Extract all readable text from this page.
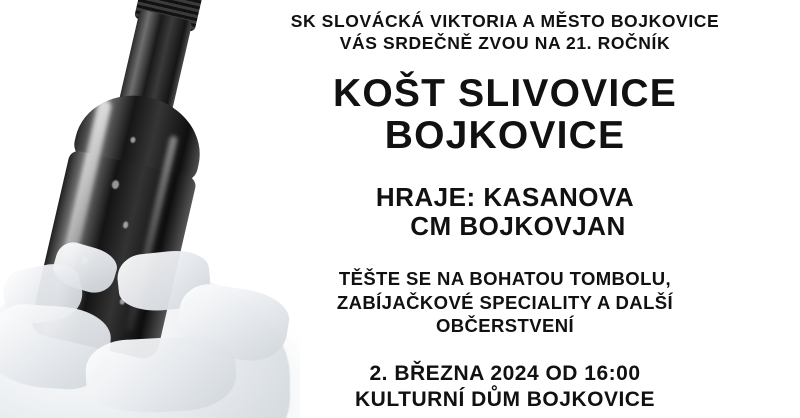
SK SLOVÁCKÁ VIKTORIA A MĚSTO BOJKOVICE
VÁS SRDEČNĚ ZVOU NA 21. ROČNÍK
KOŠT SLIVOVICE
BOJKOVICE
HRAJE: KASANOVA
CM BOJKOVJAN
TĚŠTE SE NA BOHATOU TOMBOLU,
ZABÍJAČKOVÉ SPECIALITY A DALŠÍ
OBČERSTVENÍ
2. BŘEZNA 2024 OD 16:00
KULTURNÍ DŮM BOJKOVICE
